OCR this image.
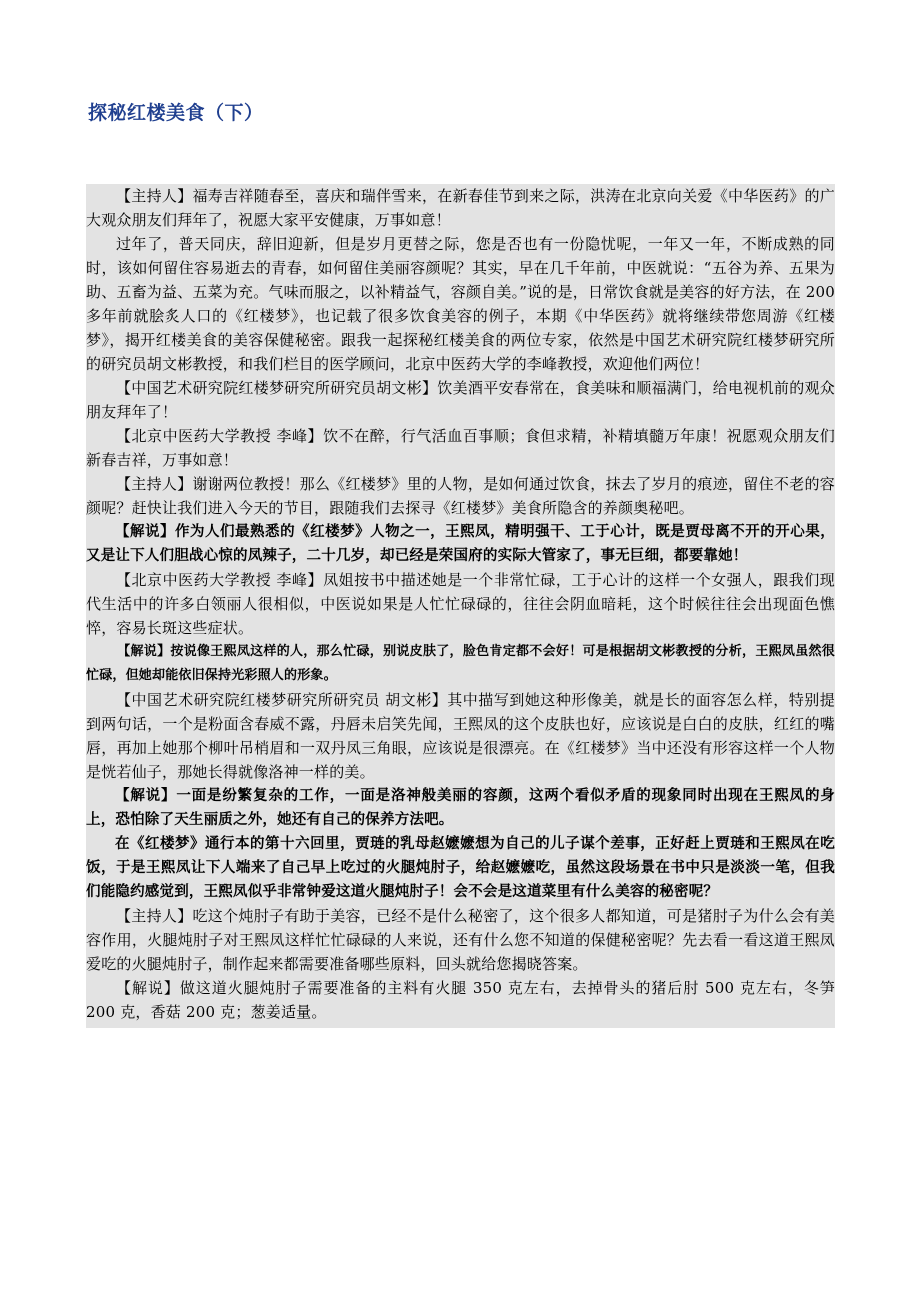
探秘红楼美食（下）

【主持人】福寿吉祥随春至，喜庆和瑞伴雪来，在新春佳节到来之际，洪涛在北京向关爱《中华医药》的广大观众朋友们拜年了，祝愿大家平安健康，万事如意！

过年了，普天同庆，辞旧迎新，但是岁月更替之际，您是否也有一份隐忧呢，一年又一年，不断成熟的同时，该如何留住容易逝去的青春，如何留住美丽容颜呢？其实，早在几千年前，中医就说：“五谷为养、五果为助、五畜为益、五菜为充。气味而服之，以补精益气，容颜自美。”说的是，日常饮食就是美容的好方法，在 200 多年前就脍炙人口的《红楼梦》，也记载了很多饮食美容的例子，本期《中华医药》就将继续带您周游《红楼梦》，揭开红楼美食的美容保健秘密。跟我一起探秘红楼美食的两位专家，依然是中国艺术研究院红楼梦研究所的研究员胡文彬教授，和我们栏目的医学顾问，北京中医药大学的李峰教授，欢迎他们两位！

【中国艺术研究院红楼梦研究所研究员胡文彬】饮美酒平安春常在，食美味和顺福满门，给电视机前的观众朋友拜年了！

【北京中医药大学教授 李峰】饮不在醉，行气活血百事顺；食但求精，补精填髓万年康！祝愿观众朋友们新春吉祥，万事如意！

【主持人】谢谢两位教授！那么《红楼梦》里的人物，是如何通过饮食，抹去了岁月的痕迹，留住不老的容颜呢？赶快让我们进入今天的节目，跟随我们去探寻《红楼梦》美食所隐含的养颜奥秘吧。

【解说】作为人们最熟悉的《红楼梦》人物之一，王熙凤，精明强干、工于心计，既是贾母离不开的开心果，又是让下人们胆战心惊的凤辣子，二十几岁，却已经是荣国府的实际大管家了，事无巨细，都要靠她！

【北京中医药大学教授 李峰】凤姐按书中描述她是一个非常忙碌，工于心计的这样一个女强人，跟我们现代生活中的许多白领丽人很相似，中医说如果是人忙忙碌碌的，往往会阴血暗耗，这个时候往往会出现面色憔悴，容易长斑这些症状。

【解说】按说像王熙凤这样的人，那么忙碌，别说皮肤了，脸色肯定都不会好！可是根据胡文彬教授的分析，王熙凤虽然很忙碌，但她却能依旧保持光彩照人的形象。

【中国艺术研究院红楼梦研究所研究员 胡文彬】其中描写到她这种形像美，就是长的面容怎么样，特别提到两句话，一个是粉面含春威不露，丹唇未启笑先闻，王熙凤的这个皮肤也好，应该说是白白的皮肤，红红的嘴唇，再加上她那个柳叶吊梢眉和一双丹凤三角眼，应该说是很漂亮。在《红楼梦》当中还没有形容这样一个人物是恍若仙子，那她长得就像洛神一样的美。

【解说】一面是纷繁复杂的工作，一面是洛神般美丽的容颜，这两个看似矛盾的现象同时出现在王熙凤的身上，恐怕除了天生丽质之外，她还有自己的保养方法吧。

在《红楼梦》通行本的第十六回里，贾琏的乳母赵嬷嬷想为自己的儿子谋个差事，正好赶上贾琏和王熙凤在吃饭，于是王熙凤让下人端来了自己早上吃过的火腿炖肘子，给赵嬷嬷吃，虽然这段场景在书中只是淡淡一笔，但我们能隐约感觉到，王熙凤似乎非常钟爱这道火腿炖肘子！会不会是这道菜里有什么美容的秘密呢？

【主持人】吃这个炖肘子有助于美容，已经不是什么秘密了，这个很多人都知道，可是猪肘子为什么会有美容作用，火腿炖肘子对王熙凤这样忙忙碌碌的人来说，还有什么您不知道的保健秘密呢？先去看一看这道王熙凤爱吃的火腿炖肘子，制作起来都需要准备哪些原料，回头就给您揭晓答案。

【解说】做这道火腿炖肘子需要准备的主料有火腿 350 克左右，去掉骨头的猪后肘 500 克左右，冬笋 200 克，香菇 200 克；葱姜适量。
